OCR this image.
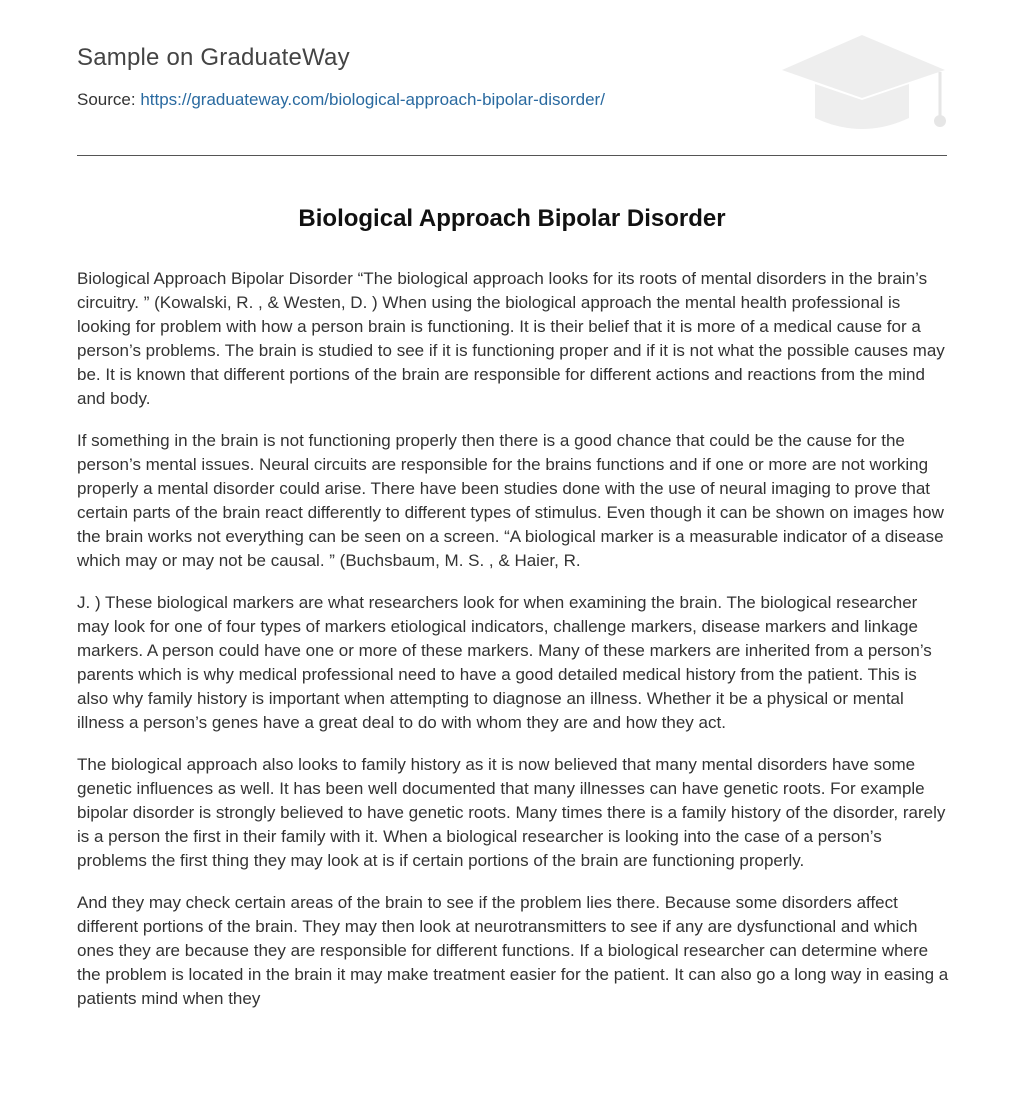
Sample on GraduateWay
Source: https://graduateway.com/biological-approach-bipolar-disorder/
Biological Approach Bipolar Disorder

Biological Approach Bipolar Disorder “The biological approach looks for its roots of mental disorders in the brain’s circuitry. ” (Kowalski, R. , & Westen, D. ) When using the biological approach the mental health professional is looking for problem with how a person brain is functioning. It is their belief that it is more of a medical cause for a person’s problems. The brain is studied to see if it is functioning proper and if it is not what the possible causes may be. It is known that different portions of the brain are responsible for different actions and reactions from the mind and body.

If something in the brain is not functioning properly then there is a good chance that could be the cause for the person’s mental issues. Neural circuits are responsible for the brains functions and if one or more are not working properly a mental disorder could arise. There have been studies done with the use of neural imaging to prove that certain parts of the brain react differently to different types of stimulus. Even though it can be shown on images how the brain works not everything can be seen on a screen. “A biological marker is a measurable indicator of a disease which may or may not be causal. ” (Buchsbaum, M. S. , & Haier, R.

J. ) These biological markers are what researchers look for when examining the brain. The biological researcher may look for one of four types of markers etiological indicators, challenge markers, disease markers and linkage markers. A person could have one or more of these markers. Many of these markers are inherited from a person’s parents which is why medical professional need to have a good detailed medical history from the patient. This is also why family history is important when attempting to diagnose an illness. Whether it be a physical or mental illness a person’s genes have a great deal to do with whom they are and how they act.

The biological approach also looks to family history as it is now believed that many mental disorders have some genetic influences as well. It has been well documented that many illnesses can have genetic roots. For example bipolar disorder is strongly believed to have genetic roots. Many times there is a family history of the disorder, rarely is a person the first in their family with it. When a biological researcher is looking into the case of a person’s problems the first thing they may look at is if certain portions of the brain are functioning properly.

And they may check certain areas of the brain to see if the problem lies there. Because some disorders affect different portions of the brain. They may then look at neurotransmitters to see if any are dysfunctional and which ones they are because they are responsible for different functions. If a biological researcher can determine where the problem is located in the brain it may make treatment easier for the patient. It can also go a long way in easing a patients mind when they
